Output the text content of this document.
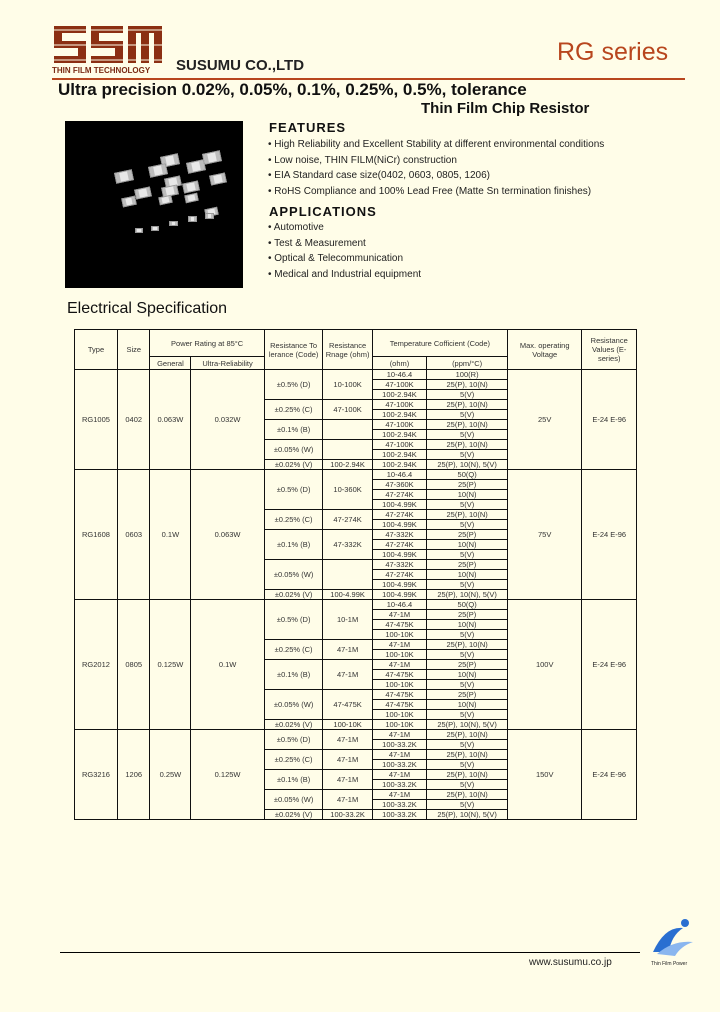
THIN FILM TECHNOLOGY SUSUMU CO.,LTD	RG series
Ultra precision 0.02%, 0.05%, 0.1%, 0.25%, 0.5%, tolerance
Thin Film Chip Resistor
FEATURES
• High Reliability and Excellent Stability at different environmental conditions
• Low noise, THIN FILM(NiCr) construction
• EIA Standard case size(0402, 0603, 0805, 1206)
• RoHS Compliance and 100% Lead Free (Matte Sn termination finishes)
APPLICATIONS
• Automotive
• Test & Measurement
• Optical & Telecommunication
• Medical and Industrial equipment
Electrical Specification
Type	Size	Power Rating at 85°C		Resistance To lerance (Code)	Resistance Rnage (ohm)	Temperature Cofficient (Code)		Max. operating Voltage	Resistance Values (E-series)
		General	Ultra-Reliability			(ohm)	(ppm/°C)		
RG1005	0402	0.063W	0.032W	±0.5% (D)	10-100K	10-46.4	100(R)	25V	E-24 E-96
						47-100K	25(P), 10(N)		
						100-2.94K	5(V)		
				±0.25% (C)	47-100K	47-100K	25(P), 10(N)		
						100-2.94K	5(V)		
				±0.1% (B)		47-100K	25(P), 10(N)		
						100-2.94K	5(V)		
				±0.05% (W)		47-100K	25(P), 10(N)		
						100-2.94K	5(V)		
				±0.02% (V)	100-2.94K	100-2.94K	25(P), 10(N), 5(V)		
RG1608	0603	0.1W	0.063W	±0.5% (D)	10-360K	10-46.4	50(Q)	75V	E-24 E-96
						47-360K	25(P)		
						47-274K	10(N)		
						100-4.99K	5(V)		
				±0.25% (C)	47-274K	47-274K	25(P), 10(N)		
						100-4.99K	5(V)		
				±0.1% (B)	47-332K	47-332K	25(P)		
						47-274K	10(N)		
						100-4.99K	5(V)		
				±0.05% (W)		47-332K	25(P)		
						47-274K	10(N)		
						100-4.99K	5(V)		
				±0.02% (V)	100-4.99K	100-4.99K	25(P), 10(N), 5(V)		
RG2012	0805	0.125W	0.1W	±0.5% (D)	10-1M	10-46.4	50(Q)	100V	E-24 E-96
						47-1M	25(P)		
						47-475K	10(N)		
						100-10K	5(V)		
				±0.25% (C)	47-1M	47-1M	25(P), 10(N)		
						100-10K	5(V)		
				±0.1% (B)	47-1M	47-1M	25(P)		
						47-475K	10(N)		
						100-10K	5(V)		
				±0.05% (W)	47-475K	47-475K	25(P)		
						47-475K	10(N)		
						100-10K	5(V)		
				±0.02% (V)	100-10K	100-10K	25(P), 10(N), 5(V)		
RG3216	1206	0.25W	0.125W	±0.5% (D)	47-1M	47-1M	25(P), 10(N)	150V	E-24 E-96
						100-33.2K	5(V)		
				±0.25% (C)	47-1M	47-1M	25(P), 10(N)		
						100-33.2K	5(V)		
				±0.1% (B)	47-1M	47-1M	25(P), 10(N)		
						100-33.2K	5(V)		
				±0.05% (W)	47-1M	47-1M	25(P), 10(N)		
						100-33.2K	5(V)		
				±0.02% (V)	100-33.2K	100-33.2K	25(P), 10(N), 5(V)		
www.susumu.co.jp	Thin Film Power
